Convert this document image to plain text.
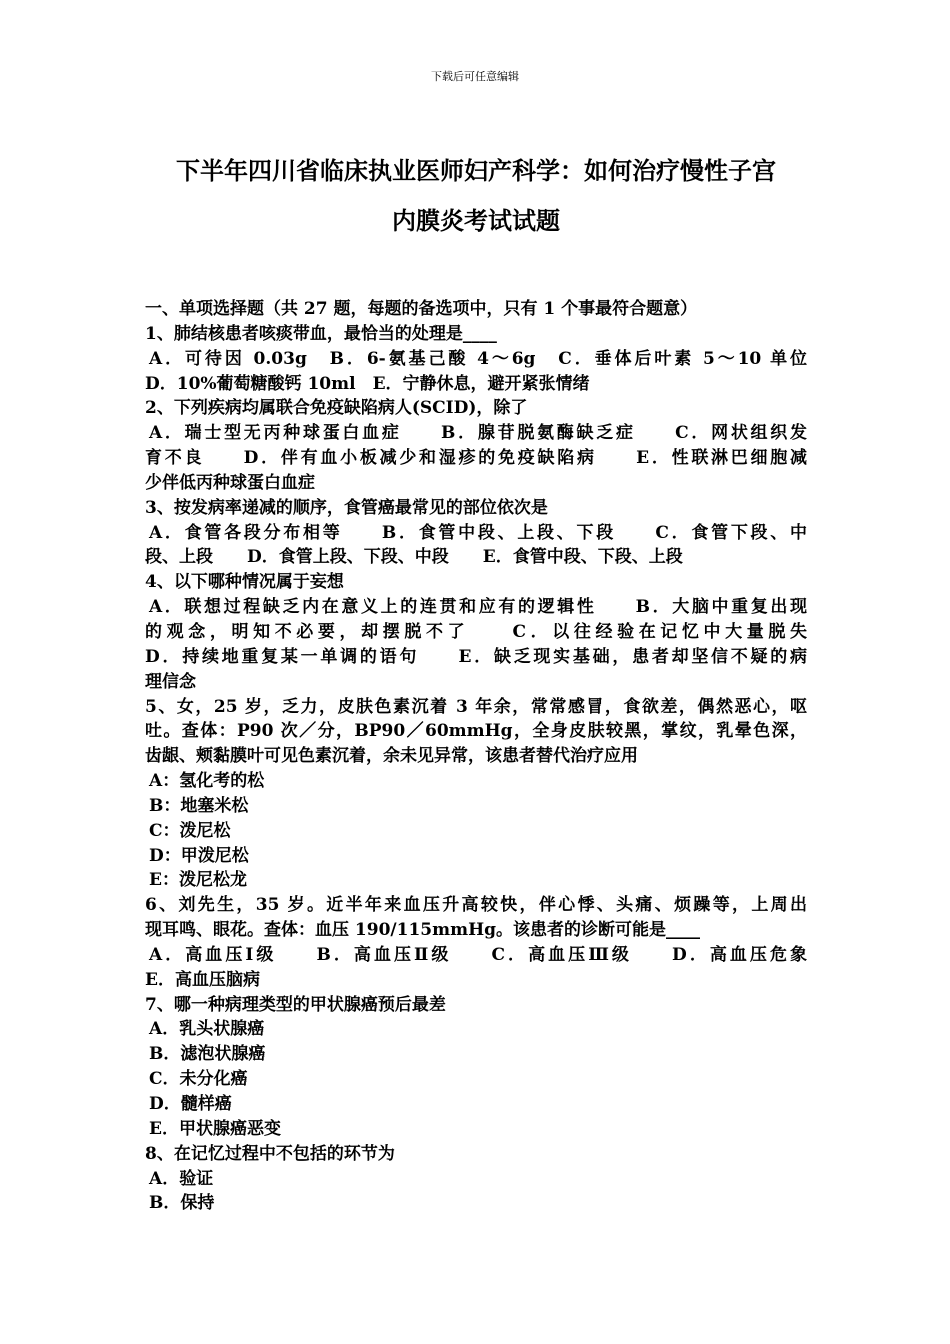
下载后可任意编辑
下半年四川省临床执业医师妇产科学：如何治疗慢性子宫
内膜炎考试试题

一、单项选择题（共 27 题，每题的备选项中，只有 1 个事最符合题意）

1、肺结核患者咳痰带血，最恰当的处理是____

A．可待因 0.03g　B．6-氨基己酸 4～6g　C．垂体后叶素 5～10 单位

D．10%葡萄糖酸钙 10ml　E．宁静休息，避开紧张情绪

2、下列疾病均属联合免疫缺陷病人(SCID)，除了

A．瑞士型无丙种球蛋白血症　　B．腺苷脱氨酶缺乏症　　C．网状组织发

育不良　　D．伴有血小板减少和湿疹的免疫缺陷病　　E．性联淋巴细胞减

少伴低丙种球蛋白血症

3、按发病率递减的顺序，食管癌最常见的部位依次是

A．食管各段分布相等　　B．食管中段、上段、下段　　C．食管下段、中

段、上段　　D．食管上段、下段、中段　　E．食管中段、下段、上段

4、以下哪种情况属于妄想

A．联想过程缺乏内在意义上的连贯和应有的逻辑性　　B．大脑中重复出现

的观念，明知不必要，却摆脱不了　　C．以往经验在记忆中大量脱失

D．持续地重复某一单调的语句　　E．缺乏现实基础，患者却坚信不疑的病

理信念

5、女，25 岁，乏力，皮肤色素沉着 3 年余，常常感冒，食欲差，偶然恶心，呕

吐。查体：P90 次／分，BP90／60mmHg，全身皮肤较黑，掌纹，乳晕色深，

齿龈、颊黏膜叶可见色素沉着，余未见异常，该患者替代治疗应用

A：氢化考的松

B：地塞米松

C：泼尼松

D：甲泼尼松

E：泼尼松龙

6、刘先生，35 岁。近半年来血压升高较快，伴心悸、头痛、烦躁等，上周出

现耳鸣、眼花。查体：血压 190/115mmHg。该患者的诊断可能是____

A．高血压Ⅰ级　　B．高血压Ⅱ级　　C．高血压Ⅲ级　　D．高血压危象

E．高血压脑病

7、哪一种病理类型的甲状腺癌预后最差

A．乳头状腺癌

B．滤泡状腺癌

C．未分化癌

D．髓样癌

E．甲状腺癌恶变

8、在记忆过程中不包括的环节为

A．验证

B．保持
